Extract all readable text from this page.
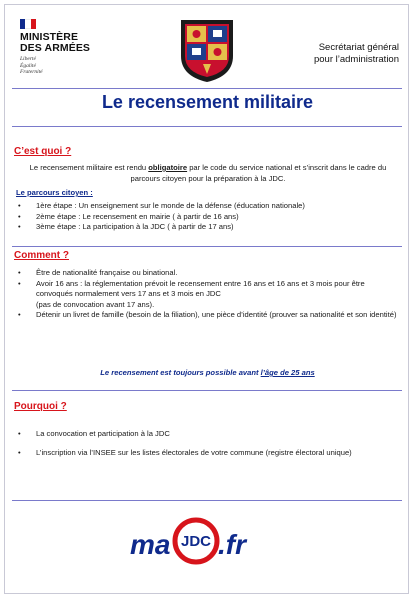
MINISTÈRE
DES ARMÉES
Liberté
Égalité
Fraternité
Secrétariat général
pour l’administration
Le recensement militaire
C’est quoi ?
Le recensement militaire est rendu obligatoire par le code du service national et s’inscrit dans le cadre du parcours citoyen pour la préparation à la JDC.
Le parcours citoyen :
• 1ère étape : Un enseignement sur le monde de la défense (éducation nationale)
• 2ème étape : Le recensement en mairie ( à partir de 16 ans)
• 3ème étape : La participation à la JDC ( à partir de 17 ans)
Comment ?
• Être de nationalité française ou binational.
• Avoir 16 ans : la réglementation prévoit le recensement entre 16 ans et 16 ans et 3 mois pour être convoqués normalement vers 17 ans et 3 mois en JDC
(pas de convocation avant 17 ans).
• Détenir un livret de famille (besoin de la filiation), une pièce d’identité (prouver sa nationalité et son identité)
Le recensement est toujours possible avant l’âge de 25 ans
Pourquoi ?
• La convocation et participation à la JDC
• L’inscription via l’INSEE sur les listes électorales de votre commune (registre électoral unique)
ma JDC .fr
